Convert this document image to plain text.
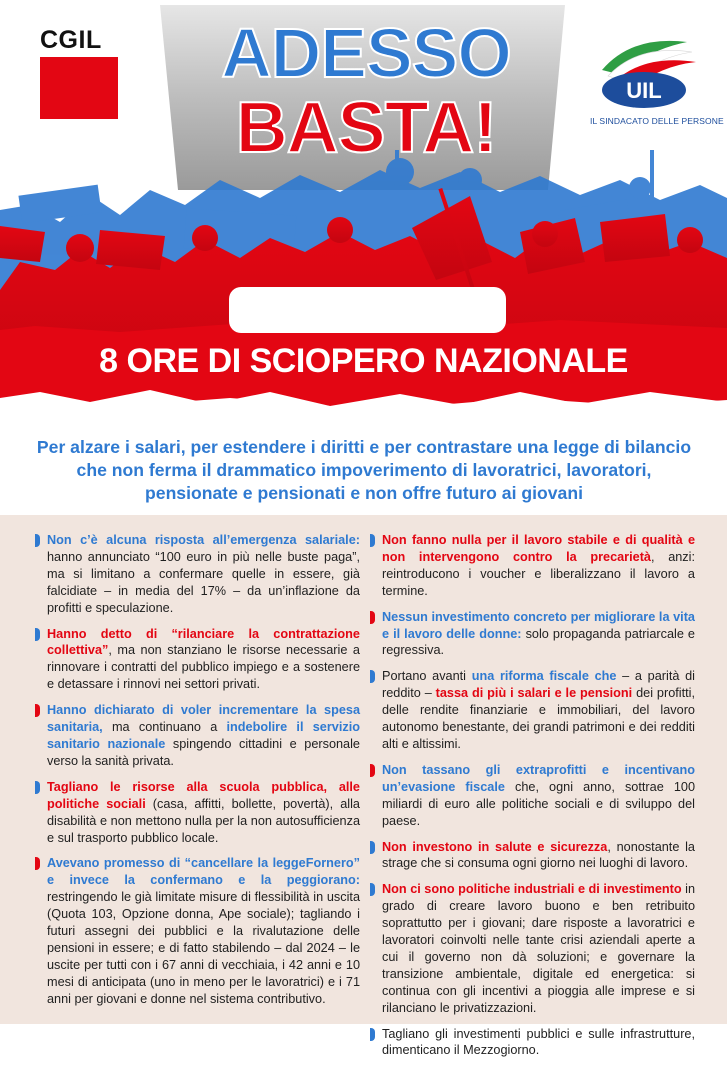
CGIL
UIL
IL SINDACATO DELLE PERSONE
ADESSO
BASTA!
8 ORE DI SCIOPERO NAZIONALE
Per alzare i salari, per estendere i diritti e per contrastare una legge di bilancio che non ferma il drammatico impoverimento di lavoratrici, lavoratori, pensionate e pensionati e non offre futuro ai giovani
Non c’è alcuna risposta all’emergenza salariale: hanno annunciato “100 euro in più nelle buste paga”, ma si limitano a confermare quelle in essere, già falcidiate – in media del 17% – da un’inflazione da profitti e speculazione.
Hanno detto di “rilanciare la contrattazione collettiva”, ma non stanziano le risorse necessarie a rinnovare i contratti del pubblico impiego e a sostenere e detassare i rinnovi nei settori privati.
Hanno dichiarato di voler incrementare la spesa sanitaria, ma continuano a indebolire il servizio sanitario nazionale spingendo cittadini e personale verso la sanità privata.
Tagliano le risorse alla scuola pubblica, alle politiche sociali (casa, affitti, bollette, povertà), alla disabilità e non mettono nulla per la non autosufficienza e sul trasporto pubblico locale.
Avevano promesso di “cancellare la leggeFornero” e invece la confermano e la peggiorano: restringendo le già limitate misure di flessibilità in uscita (Quota 103, Opzione donna, Ape sociale); tagliando i futuri assegni dei pubblici e la rivalutazione delle pensioni in essere; e di fatto stabilendo – dal 2024 – le uscite per tutti con i 67 anni di vecchiaia, i 42 anni e 10 mesi di anticipata (uno in meno per le lavoratrici) e i 71 anni per giovani e donne nel sistema contributivo.
Non fanno nulla per il lavoro stabile e di qualità e non intervengono contro la precarietà, anzi: reintroducono i voucher e liberalizzano il lavoro a termine.
Nessun investimento concreto per migliorare la vita e il lavoro delle donne: solo propaganda patriarcale e regressiva.
Portano avanti una riforma fiscale che – a parità di reddito – tassa di più i salari e le pensioni dei profitti, delle rendite finanziarie e immobiliari, del lavoro autonomo benestante, dei grandi patrimoni e dei redditi alti e altissimi.
Non tassano gli extraprofitti e incentivano un’evasione fiscale che, ogni anno, sottrae 100 miliardi di euro alle politiche sociali e di sviluppo del paese.
Non investono in salute e sicurezza, nonostante la strage che si consuma ogni giorno nei luoghi di lavoro.
Non ci sono politiche industriali e di investimento in grado di creare lavoro buono e ben retribuito soprattutto per i giovani; dare risposte a lavoratrici e lavoratori coinvolti nelle tante crisi aziendali aperte a cui il governo non dà soluzioni; e governare la transizione ambientale, digitale ed energetica: si continua con gli incentivi a pioggia alle imprese e si rilanciano le privatizzazioni.
Tagliano gli investimenti pubblici e sulle infrastrutture, dimenticano il Mezzogiorno.
